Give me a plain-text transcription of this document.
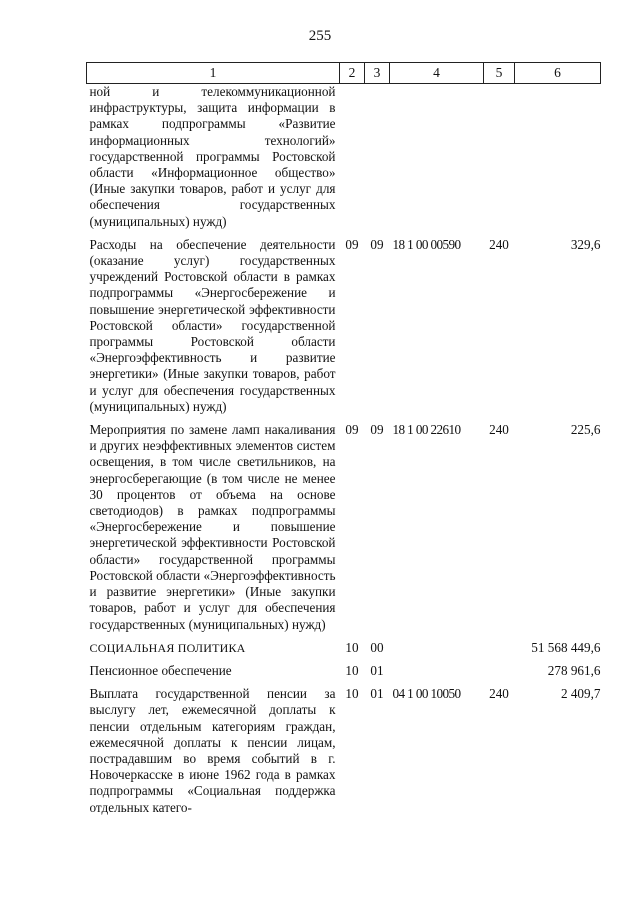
255
1	2	3	4	5	6
ной и телекоммуникационной инфраструктуры, защита информации в рамках подпрограммы «Развитие информационных технологий» государственной программы Ростовской области «Информационное общество» (Иные закупки товаров, работ и услуг для обеспечения государственных (муниципальных) нужд)					
Расходы на обеспечение деятельности (оказание услуг) государственных учреждений Ростовской области в рамках подпрограммы «Энергосбережение и повышение энергетической эффективности Ростовской области» государственной программы Ростовской области «Энергоэффективность и развитие энергетики» (Иные закупки товаров, работ и услуг для обеспечения государственных (муниципальных) нужд)	09	09	18 1 00 00590	240	329,6
Мероприятия по замене ламп накаливания и других неэффективных элементов систем освещения, в том числе светильников, на энергосберегающие (в том числе не менее 30 процентов от объема на основе светодиодов) в рамках подпрограммы «Энергосбережение и повышение энергетической эффективности Ростовской области» государственной программы Ростовской области «Энергоэффективность и развитие энергетики» (Иные закупки товаров, работ и услуг для обеспечения государственных (муниципальных) нужд)	09	09	18 1 00 22610	240	225,6
СОЦИАЛЬНАЯ ПОЛИТИКА	10	00			51 568 449,6
Пенсионное обеспечение	10	01			278 961,6
Выплата государственной пенсии за выслугу лет, ежемесячной доплаты к пенсии отдельным категориям граждан, ежемесячной доплаты к пенсии лицам, пострадавшим во время событий в г. Новочеркасске в июне 1962 года в рамках подпрограммы «Социальная поддержка отдельных катего-	10	01	04 1 00 10050	240	2 409,7
